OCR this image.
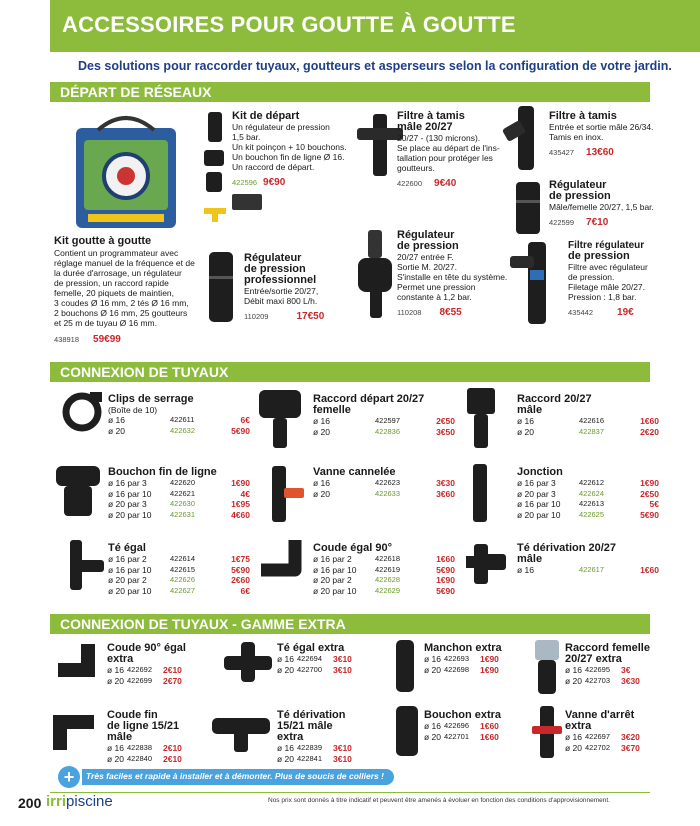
ACCESSOIRES POUR GOUTTE À GOUTTE
Des solutions pour raccorder tuyaux, goutteurs et asperseurs selon la configuration de votre jardin.
DÉPART DE RÉSEAUX
Kit goutte à goutte
Contient un programmateur avec
réglage manuel de la fréquence et de
la durée d'arrosage, un régulateur
de pression, un raccord rapide
femelle, 20 piquets de maintien,
3 coudes Ø 16 mm, 2 tés Ø 16 mm,
2 bouchons Ø 16 mm, 25 goutteurs
et 25 m de tuyau Ø 16 mm.
438918 59€99
Kit de départ
Un régulateur de pression
1,5 bar.
Un kit poinçon + 10 bouchons.
Un bouchon fin de ligne Ø 16.
Un raccord de départ.
422596 9€90
Filtre à tamis
mâle 20/27
20/27 - (130 microns).
Se place au départ de l'ins-
tallation pour protéger les
goutteurs.
422600 9€40
Filtre à tamis
Entrée et sortie mâle 26/34.
Tamis en inox.
435427 13€60
Régulateur
de pression
Mâle/femelle 20/27, 1,5 bar.
422599 7€10
Régulateur
de pression
professionnel
Entrée/sortie 20/27,
Débit maxi 800 L/h.
110209	17€50
Régulateur
de pression
20/27 entrée F.
Sortie M. 20/27.
S'installe en tête du système.
Permet une pression
constante à 1,2 bar.
110208 8€55
Filtre régulateur
de pression
Filtre avec régulateur
de pression.
Filetage mâle 20/27.
Pression : 1,8 bar.
435442 19€
CONNEXION DE TUYAUX
Clips de serrage
(Boîte de 10)
ø 16	422611	6€
ø 20	422632	5€90
Raccord départ 20/27
femelle
ø 16	422597	2€50
ø 20	422836	3€50
Raccord 20/27
mâle
ø 16	422616	1€60
ø 20	422837	2€20
Bouchon fin de ligne
ø 16 par 3	422620	1€90
ø 16 par 10	422621	4€
ø 20 par 3	422630	1€95
ø 20 par 10	422631	4€60
Vanne cannelée
ø 16	422623	3€30
ø 20	422633	3€60
Jonction
ø 16 par 3	422612	1€90
ø 20 par 3	422624	2€50
ø 16 par 10	422613	5€
ø 20 par 10	422625	5€90
Té égal
ø 16 par 2	422614	1€75
ø 16 par 10	422615	5€90
ø 20 par 2	422626	2€60
ø 20 par 10	422627	6€
Coude égal 90°
ø 16 par 2	422618	1€60
ø 16 par 10	422619	5€90
ø 20 par 2	422628	1€90
ø 20 par 10	422629	5€90
Té dérivation 20/27
mâle
ø 16	422617	1€60
CONNEXION DE TUYAUX - GAMME EXTRA
Coude 90° égal
extra
ø 16 422692	2€10
ø 20 422699	2€70
Té égal extra
ø 16 422694	3€10
ø 20 422700	3€10
Manchon extra
ø 16 422693	1€90
ø 20 422698	1€90
Raccord femelle
20/27 extra
ø 16 422695	3€
ø 20 422703	3€30
Coude fin
de ligne 15/21
mâle
ø 16 422838	2€10
ø 20 422840	2€10
Té dérivation
15/21 mâle
extra
ø 16 422839	3€10
ø 20 422841	3€10
Bouchon extra
ø 16 422696	1€60
ø 20 422701	1€60
Vanne d'arrêt
extra
ø 16 422697	3€20
ø 20 422702	3€70
+	Très faciles et rapide à installer et à démonter. Plus de soucis de colliers !
200 irripiscine	Nos prix sont donnés à titre indicatif et peuvent être amenés à évoluer en fonction des conditions d'approvisionnement.
